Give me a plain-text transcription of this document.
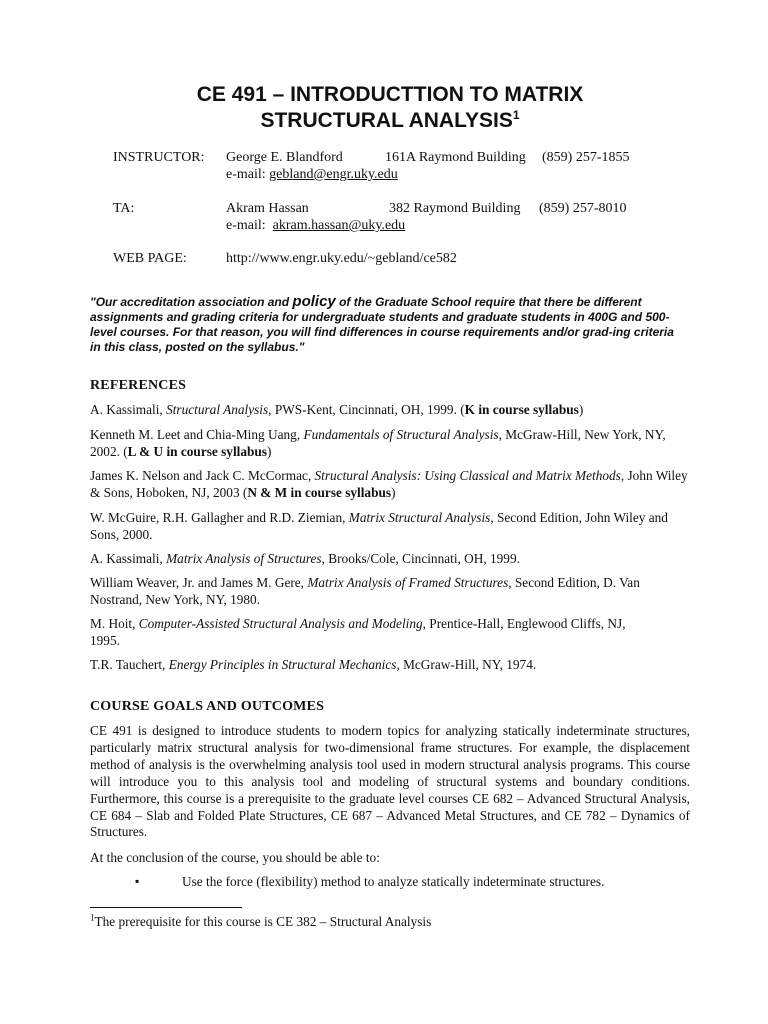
CE 491 – INTRODUCTTION TO MATRIX
STRUCTURAL ANALYSIS$^1$
INSTRUCTOR: George E. Blandford	161A Raymond Building (859) 257-1855
e-mail: gebland@engr.uky.edu
TA:	Akram Hassan	382 Raymond Building (859) 257-8010
e-mail: akram.hassan@uky.edu
WEB PAGE:	http://www.engr.uky.edu/~gebland/ce582
"Our accreditation association and policy of the Graduate School require that there be different assignments and grading criteria for undergraduate students and graduate students in 400G and 500-level courses. For that reason, you will find differences in course requirements and/or grad-ing criteria in this class, posted on the syllabus."
REFERENCES
A. Kassimali, Structural Analysis, PWS-Kent, Cincinnati, OH, 1999. (K in course syllabus)
Kenneth M. Leet and Chia-Ming Uang, Fundamentals of Structural Analysis, McGraw-Hill, New York, NY, 2002. (L & U in course syllabus)
James K. Nelson and Jack C. McCormac, Structural Analysis: Using Classical and Matrix Methods, John Wiley & Sons, Hoboken, NJ, 2003 (N & M in course syllabus)
W. McGuire, R.H. Gallagher and R.D. Ziemian, Matrix Structural Analysis, Second Edition, John Wiley and Sons, 2000.
A. Kassimali, Matrix Analysis of Structures, Brooks/Cole, Cincinnati, OH, 1999.
William Weaver, Jr. and James M. Gere, Matrix Analysis of Framed Structures, Second Edition, D. Van Nostrand, New York, NY, 1980.
M. Hoit, Computer-Assisted Structural Analysis and Modeling, Prentice-Hall, Englewood Cliffs, NJ, 1995.
T.R. Tauchert, Energy Principles in Structural Mechanics, McGraw-Hill, NY, 1974.
COURSE GOALS AND OUTCOMES
CE 491 is designed to introduce students to modern topics for analyzing statically indeterminate structures, particularly matrix structural analysis for two-dimensional frame structures. For example, the displacement method of analysis is the overwhelming analysis tool used in modern structural analysis programs. This course will introduce you to this analysis tool and modeling of structural systems and boundary conditions. Furthermore, this course is a prerequisite to the graduate level courses CE 682 – Advanced Structural Analysis, CE 684 – Slab and Folded Plate Structures, CE 687 – Advanced Metal Structures, and CE 782 – Dynamics of Structures.
At the conclusion of the course, you should be able to:
▪	Use the force (flexibility) method to analyze statically indeterminate structures.
$^1$The prerequisite for this course is CE 382 – Structural Analysis
